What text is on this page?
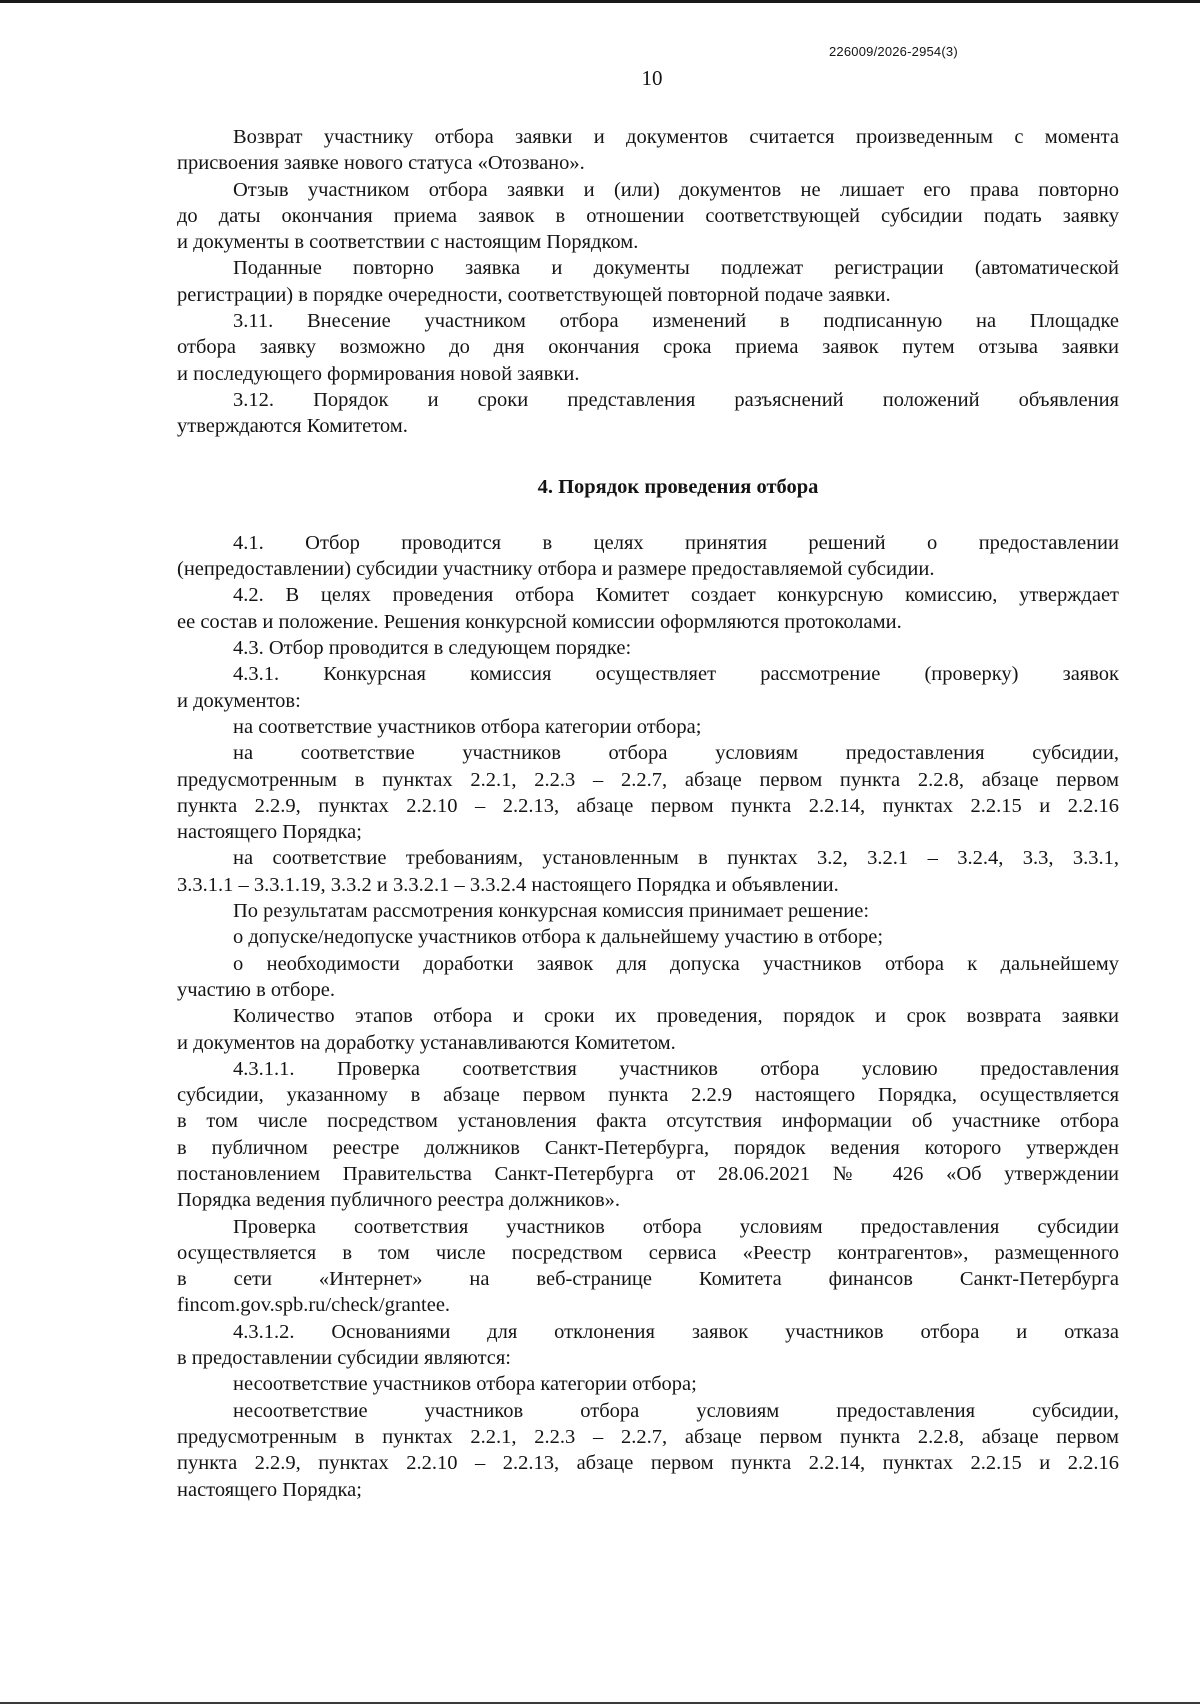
226009/2026-2954(3)
10

Возврат участнику отбора заявки и документов считается произведенным с момента

присвоения заявке нового статуса «Отозвано».

Отзыв участником отбора заявки и (или) документов не лишает его права повторно

до даты окончания приема заявок в отношении соответствующей субсидии подать заявку

и документы в соответствии с настоящим Порядком.

Поданные повторно заявка и документы подлежат регистрации (автоматической

регистрации) в порядке очередности, соответствующей повторной подаче заявки.

3.11. Внесение участником отбора изменений в подписанную на Площадке

отбора заявку возможно до дня окончания срока приема заявок путем отзыва заявки

и последующего формирования новой заявки.

3.12. Порядок и сроки представления разъяснений положений объявления

утверждаются Комитетом.

4. Порядок проведения отбора

4.1. Отбор проводится в целях принятия решений о предоставлении

(непредоставлении) субсидии участнику отбора и размере предоставляемой субсидии.

4.2. В целях проведения отбора Комитет создает конкурсную комиссию, утверждает

ее состав и положение. Решения конкурсной комиссии оформляются протоколами.

4.3. Отбор проводится в следующем порядке:

4.3.1. Конкурсная комиссия осуществляет рассмотрение (проверку) заявок

и документов:

на соответствие участников отбора категории отбора;

на соответствие участников отбора условиям предоставления субсидии,

предусмотренным в пунктах 2.2.1, 2.2.3 – 2.2.7, абзаце первом пункта 2.2.8, абзаце первом

пункта 2.2.9, пунктах 2.2.10 – 2.2.13, абзаце первом пункта 2.2.14, пунктах 2.2.15 и 2.2.16

настоящего Порядка;

на соответствие требованиям, установленным в пунктах 3.2, 3.2.1 – 3.2.4, 3.3, 3.3.1,

3.3.1.1 – 3.3.1.19, 3.3.2 и 3.3.2.1 – 3.3.2.4 настоящего Порядка и объявлении.

По результатам рассмотрения конкурсная комиссия принимает решение:

о допуске/недопуске участников отбора к дальнейшему участию в отборе;

о необходимости доработки заявок для допуска участников отбора к дальнейшему

участию в отборе.

Количество этапов отбора и сроки их проведения, порядок и срок возврата заявки

и документов на доработку устанавливаются Комитетом.

4.3.1.1. Проверка соответствия участников отбора условию предоставления

субсидии, указанному в абзаце первом пункта 2.2.9 настоящего Порядка, осуществляется

в том числе посредством установления факта отсутствия информации об участнике отбора

в публичном реестре должников Санкт-Петербурга, порядок ведения которого утвержден

постановлением Правительства Санкт-Петербурга от 28.06.2021 № 426 «Об утверждении

Порядка ведения публичного реестра должников».

Проверка соответствия участников отбора условиям предоставления субсидии

осуществляется в том числе посредством сервиса «Реестр контрагентов», размещенного

в сети «Интернет» на веб-странице Комитета финансов Санкт-Петербурга

fincom.gov.spb.ru/check/grantee.

4.3.1.2. Основаниями для отклонения заявок участников отбора и отказа

в предоставлении субсидии являются:

несоответствие участников отбора категории отбора;

несоответствие участников отбора условиям предоставления субсидии,

предусмотренным в пунктах 2.2.1, 2.2.3 – 2.2.7, абзаце первом пункта 2.2.8, абзаце первом

пункта 2.2.9, пунктах 2.2.10 – 2.2.13, абзаце первом пункта 2.2.14, пунктах 2.2.15 и 2.2.16

настоящего Порядка;
